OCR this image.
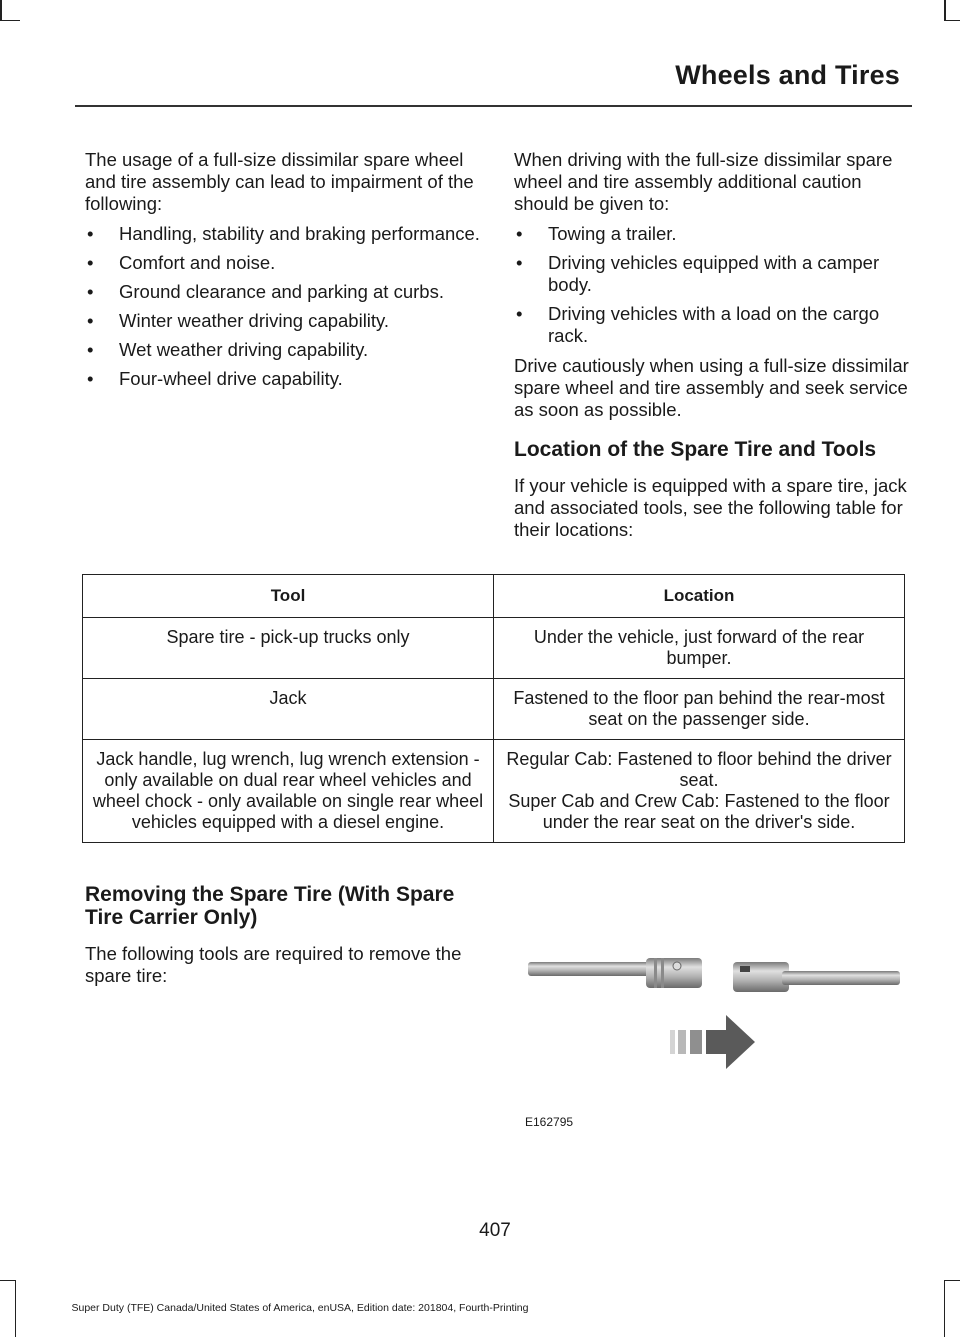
Wheels and Tires

The usage of a full-size dissimilar spare wheel and tire assembly can lead to impairment of the following:

• Handling, stability and braking performance.
• Comfort and noise.
• Ground clearance and parking at curbs.
• Winter weather driving capability.
• Wet weather driving capability.
• Four-wheel drive capability.

When driving with the full-size dissimilar spare wheel and tire assembly additional caution should be given to:

• Towing a trailer.
• Driving vehicles equipped with a camper body.
• Driving vehicles with a load on the cargo rack.

Drive cautiously when using a full-size dissimilar spare wheel and tire assembly and seek service as soon as possible.

Location of the Spare Tire and Tools

If your vehicle is equipped with a spare tire, jack and associated tools, see the following table for their locations:

Tool	Location
Spare tire - pick-up trucks only	Under the vehicle, just forward of the rear bumper.
Jack	Fastened to the floor pan behind the rear-most seat on the passenger side.
Jack handle, lug wrench, lug wrench extension - only available on dual rear wheel vehicles and wheel chock - only available on single rear wheel vehicles equipped with a diesel engine.	Regular Cab: Fastened to floor behind the driver seat.
Super Cab and Crew Cab: Fastened to the floor under the rear seat on the driver's side.
Removing the Spare Tire (With Spare Tire Carrier Only)

The following tools are required to remove the spare tire:

E162795
407
Super Duty (TFE) Canada/United States of America, enUSA, Edition date: 201804, Fourth-Printing
